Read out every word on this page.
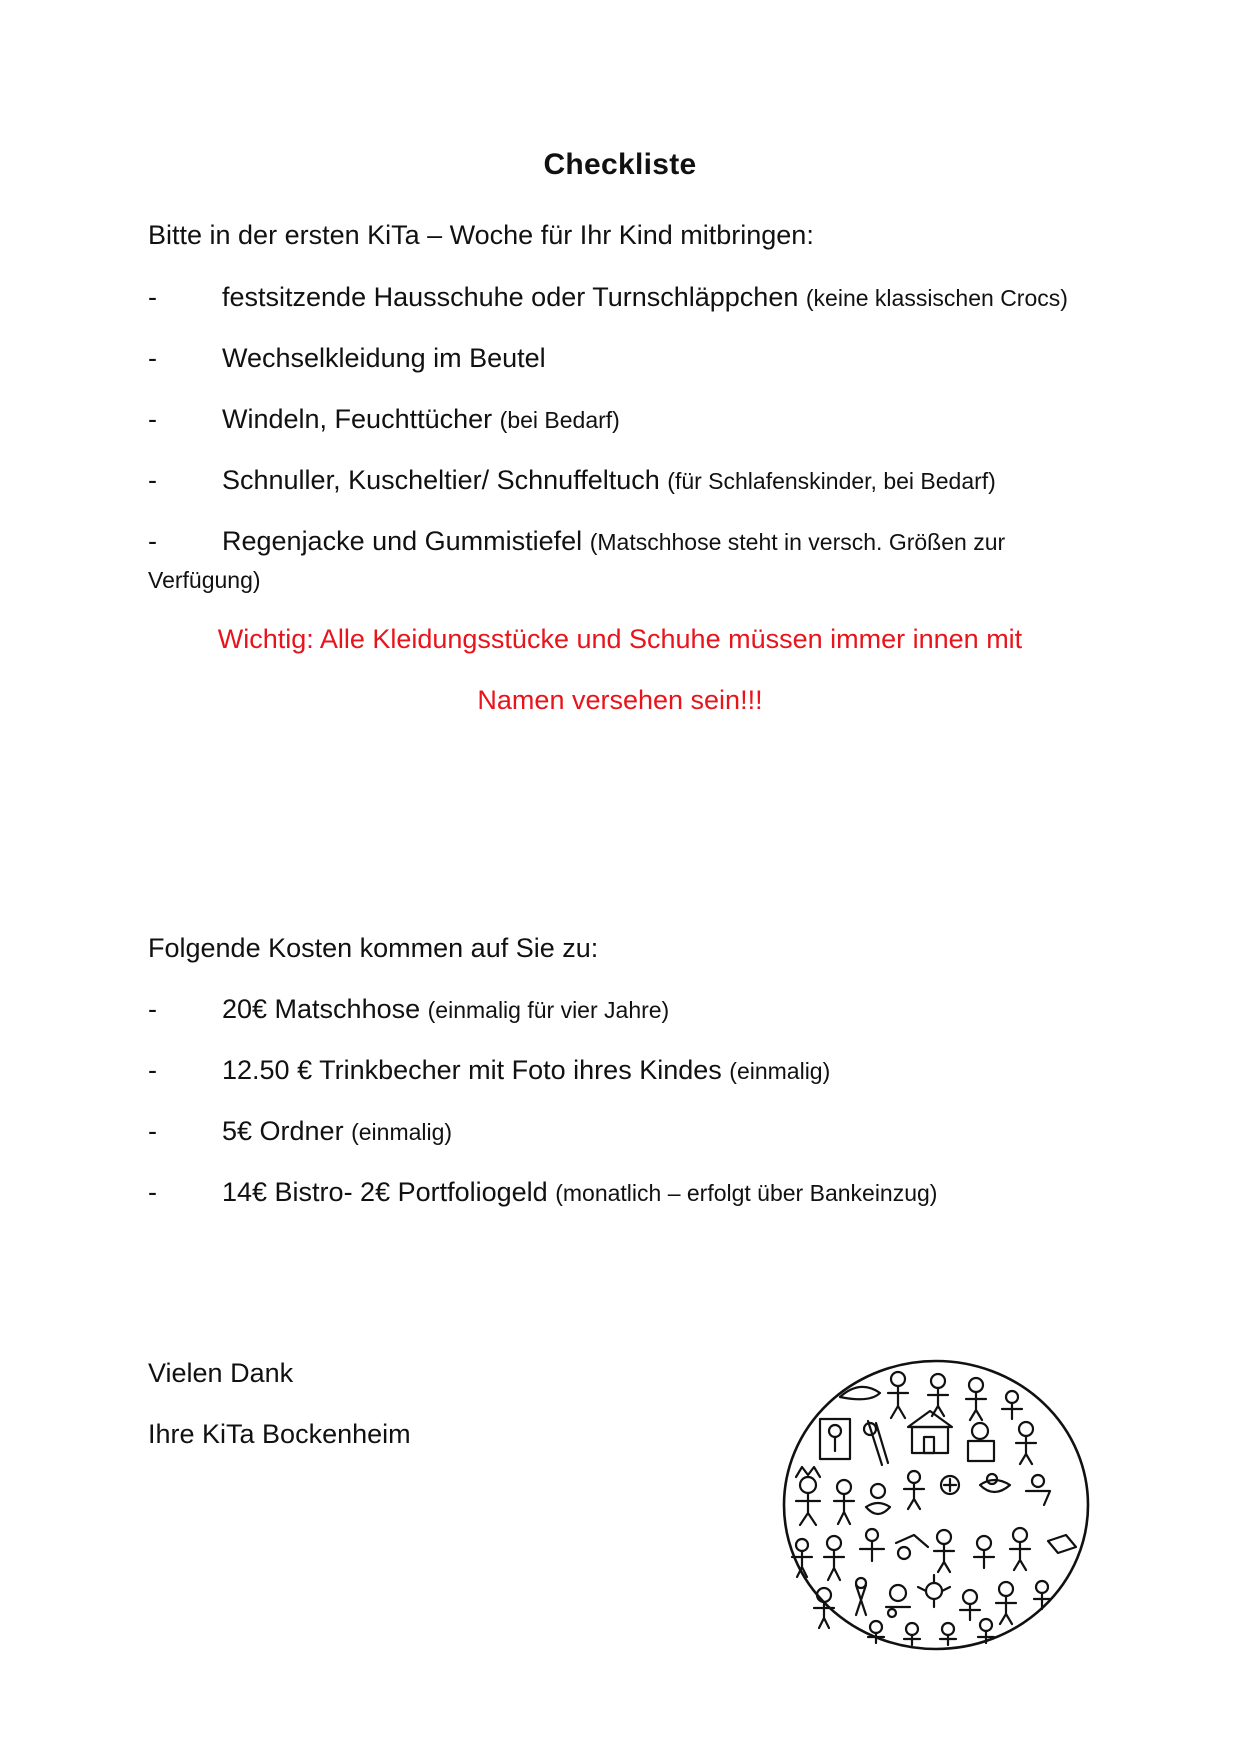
Checkliste
Bitte in der ersten KiTa – Woche für Ihr Kind mitbringen:
-	festsitzende Hausschuhe oder Turnschläppchen (keine klassischen Crocs)
-	Wechselkleidung im Beutel
-	Windeln, Feuchttücher (bei Bedarf)
-	Schnuller, Kuscheltier/ Schnuffeltuch (für Schlafenskinder, bei Bedarf)
-	Regenjacke und Gummistiefel (Matschhose steht in versch. Größen zur Verfügung)
Wichtig: Alle Kleidungsstücke und Schuhe müssen immer innen mit
Namen versehen sein!!!
Folgende Kosten kommen auf Sie zu:
-	20€ Matschhose (einmalig für vier Jahre)
-	12.50 € Trinkbecher mit Foto ihres Kindes (einmalig)
-	5€ Ordner (einmalig)
-	14€ Bistro- 2€ Portfoliogeld (monatlich – erfolgt über Bankeinzug)
Vielen Dank
Ihre KiTa Bockenheim
